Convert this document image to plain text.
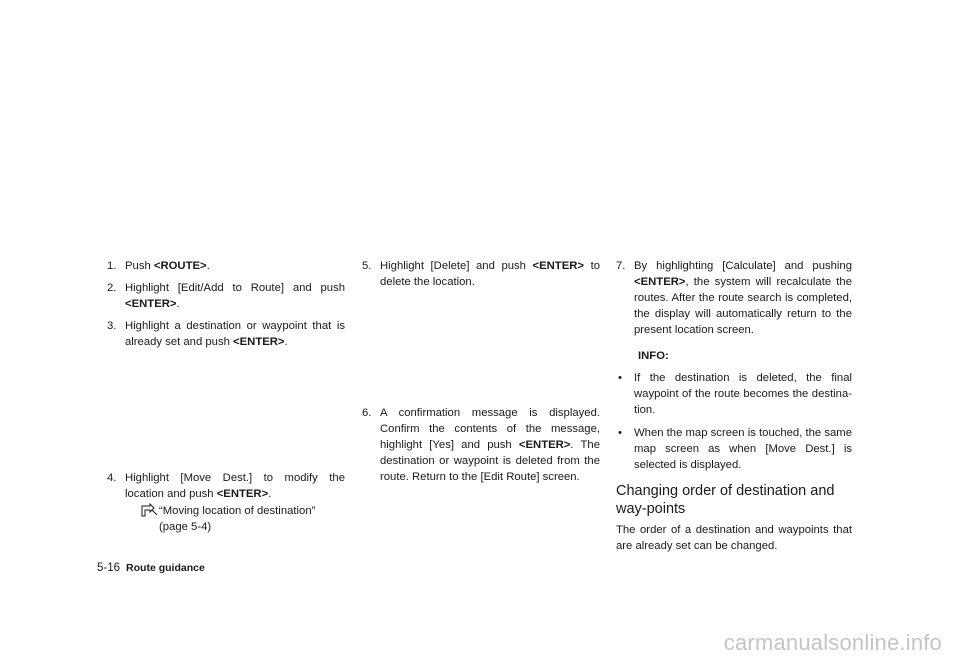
1. Push <ROUTE>.

2. Highlight [Edit/Add to Route] and push <ENTER>.

3. Highlight a destination or waypoint that is already set and push <ENTER>.

4. Highlight [Move Dest.] to modify the location and push <ENTER>.

“Moving location of destination”
(page 5-4)

5. Highlight [Delete] and push <ENTER> to delete the location.

6. A confirmation message is displayed. Confirm the contents of the message, highlight [Yes] and push <ENTER>. The destination or waypoint is deleted from the route. Return to the [Edit Route] screen.

7. By highlighting [Calculate] and pushing <ENTER>, the system will recalculate the routes. After the route search is completed, the display will automatically return to the present location screen.

INFO:
• If the destination is deleted, the final waypoint of the route becomes the destina-tion.
• When the map screen is touched, the same map screen as when [Move Dest.] is selected is displayed.
Changing order of destination and way-points
The order of a destination and waypoints that are already set can be changed.
5-16 Route guidance
carmanualsonline.info
